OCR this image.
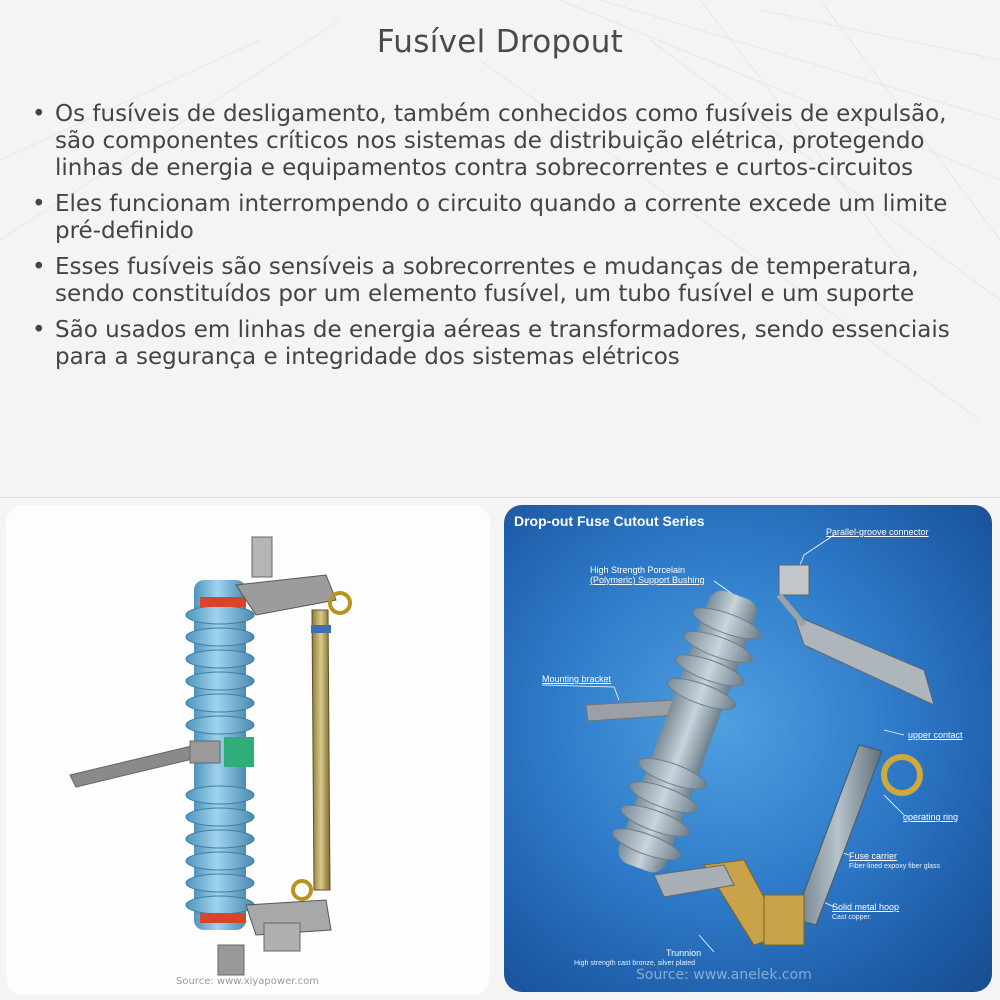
Fusível Dropout
• Os fusíveis de desligamento, também conhecidos como fusíveis de expulsão, são componentes críticos nos sistemas de distribuição elétrica, protegendo linhas de energia e equipamentos contra sobrecorrentes e curtos-circuitos
• Eles funcionam interrompendo o circuito quando a corrente excede um limite pré-definido
• Esses fusíveis são sensíveis a sobrecorrentes e mudanças de temperatura, sendo constituídos por um elemento fusível, um tubo fusível e um suporte
• São usados em linhas de energia aéreas e transformadores, sendo essenciais para a segurança e integridade dos sistemas elétricos
Source: www.xiyapower.com
Drop-out Fuse Cutout Series
Parallel-groove connector
High Strength Porcelain
(Polymeric) Support Bushing
Mounting bracket
upper contact
operating ring
Fuse carrier
Fiber-lined expoxy fiber glass
Solid metal hoop
Cast copper.
Trunnion
High strength cast bronze, silver plated
Source: www.anelek.com
